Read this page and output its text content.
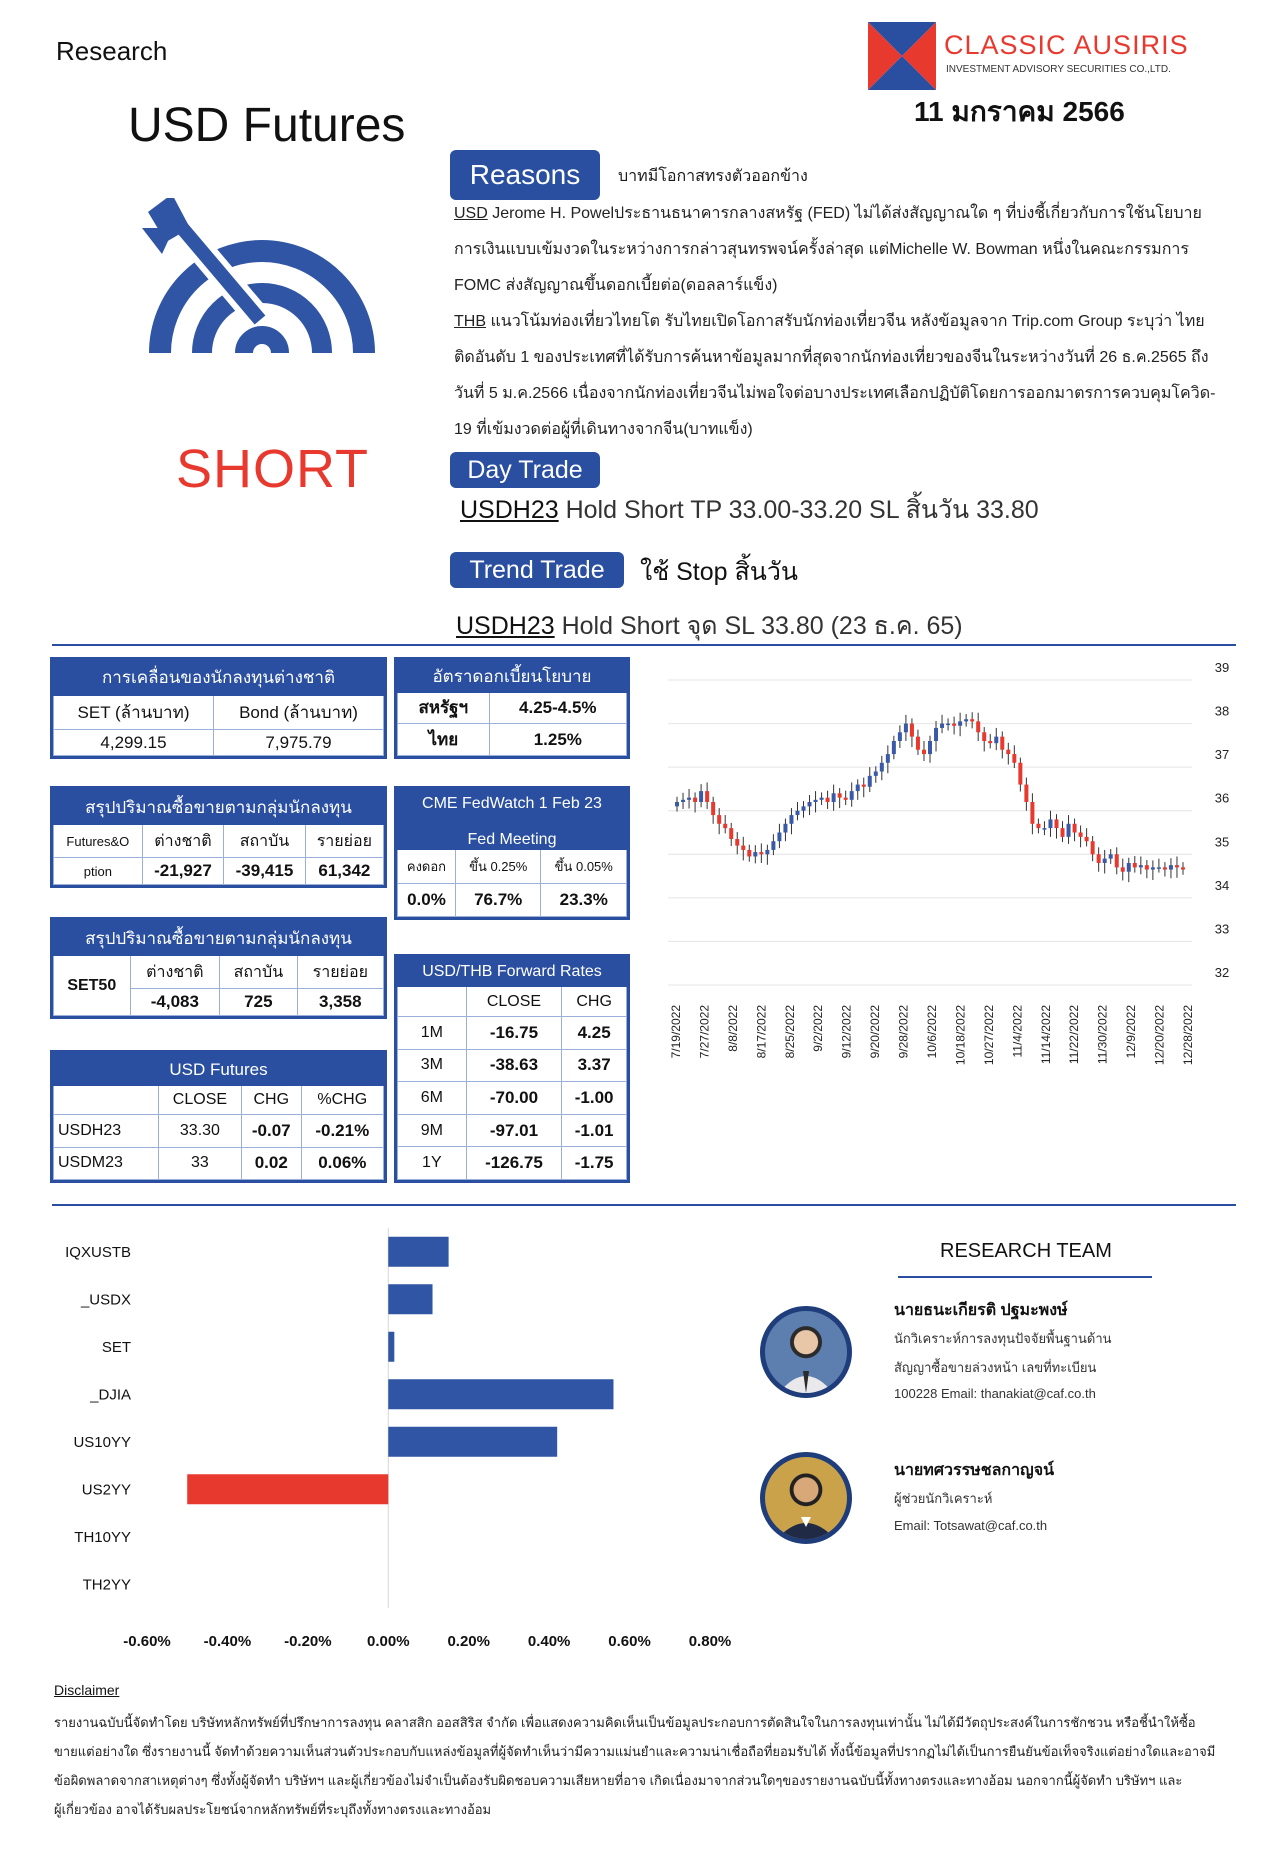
Research
USD Futures
CLASSIC AUSIRIS
INVESTMENT ADVISORY SECURITIES CO.,LTD.
11 มกราคม 2566
SHORT
Reasons	บาทมีโอกาสทรงตัวออกข้าง
USD Jerome H. Powelประธานธนาคารกลางสหรัฐ (FED) ไม่ได้ส่งสัญญาณใด ๆ ที่บ่งชี้เกี่ยวกับการใช้นโยบาย
การเงินแบบเข้มงวดในระหว่างการกล่าวสุนทรพจน์ครั้งล่าสุด แต่Michelle W. Bowman หนึ่งในคณะกรรมการ
FOMC ส่งสัญญาณขึ้นดอกเบี้ยต่อ(ดอลลาร์แข็ง)
THB แนวโน้มท่องเที่ยวไทยโต รับไทยเปิดโอกาสรับนักท่องเที่ยวจีน หลังข้อมูลจาก Trip.com Group ระบุว่า ไทย
ติดอันดับ 1 ของประเทศที่ได้รับการค้นหาข้อมูลมากที่สุดจากนักท่องเที่ยวของจีนในระหว่างวันที่ 26 ธ.ค.2565 ถึง
วันที่ 5 ม.ค.2566 เนื่องจากนักท่องเที่ยวจีนไม่พอใจต่อบางประเทศเลือกปฏิบัติโดยการออกมาตรการควบคุมโควิด-
19 ที่เข้มงวดต่อผู้ที่เดินทางจากจีน(บาทแข็ง)
Day Trade
USDH23 Hold Short TP 33.00-33.20 SL สิ้นวัน 33.80
Trend Trade	ใช้ Stop สิ้นวัน
USDH23 Hold Short จุด SL 33.80 (23 ธ.ค. 65)
การเคลื่อนของนักลงทุนต่างชาติ	
SET (ล้านบาท)	Bond (ล้านบาท)
4,299.15	7,975.79
สรุปปริมาณซื้อขายตามกลุ่มนักลงทุน			
Futures&O	ต่างชาติ	สถาบัน	รายย่อย
ption	-21,927	-39,415	61,342
สรุปปริมาณซื้อขายตามกลุ่มนักลงทุน			
SET50	ต่างชาติ	สถาบัน	รายย่อย
	-4,083	725	3,358
USD Futures			
	CLOSE	CHG	%CHG
USDH23	33.30	-0.07	-0.21%
USDM23	33	0.02	0.06%
อัตราดอกเบี้ยนโยบาย	
สหรัฐฯ	4.25-4.5%
ไทย	1.25%
CME FedWatch 1 Feb 23		
Fed Meeting		
คงดอก	ขึ้น 0.25%	ขึ้น 0.05%
0.0%	76.7%	23.3%
USD/THB Forward Rates		
	CLOSE	CHG
1M	-16.75	4.25
3M	-38.63	3.37
6M	-70.00	-1.00
9M	-97.01	-1.01
1Y	-126.75	-1.75
39
38
37
36
35
34
33
32
7/19/2022 7/27/2022 8/8/2022 8/17/2022 8/25/2022 9/2/2022 9/12/2022 9/20/2022 9/28/2022 10/6/2022 10/18/2022 10/27/2022 11/4/2022 11/14/2022 11/22/2022 11/30/2022 12/9/2022 12/20/2022 12/28/2022
IQXUSTB
_USDX
SET
_DJIA
US10YY
US2YY
TH10YY
TH2YY
-0.60% -0.40% -0.20% 0.00%	0.20%	0.40%	0.60%	0.80%
RESEARCH TEAM
นายธนะเกียรติ ปฐมะพงษ์
นักวิเคราะห์การลงทุนปัจจัยพื้นฐานด้าน
สัญญาซื้อขายล่วงหน้า เลขที่ทะเบียน
100228 Email: thanakiat@caf.co.th
นายทศวรรษชลกาญจน์
ผู้ช่วยนักวิเคราะห์
Email: Totsawat@caf.co.th
Disclaimer
รายงานฉบับนี้จัดทำโดย บริษัทหลักทรัพย์ที่ปรึกษาการลงทุน คลาสสิก ออสสิริส จำกัด เพื่อแสดงความคิดเห็นเป็นข้อมูลประกอบการตัดสินใจในการลงทุนเท่านั้น ไม่ได้มีวัตถุประสงค์ในการชักชวน หรือชี้นำให้ซื้อ
ขายแต่อย่างใด ซึ่งรายงานนี้ จัดทำด้วยความเห็นส่วนตัวประกอบกับแหล่งข้อมูลที่ผู้จัดทำเห็นว่ามีความแม่นยำและความน่าเชื่อถือที่ยอมรับได้ ทั้งนี้ข้อมูลที่ปรากฏไม่ได้เป็นการยืนยันข้อเท็จจริงแต่อย่างใดและอาจมี
ข้อผิดพลาดจากสาเหตุต่างๆ ซึ่งทั้งผู้จัดทำ บริษัทฯ และผู้เกี่ยวข้องไม่จำเป็นต้องรับผิดชอบความเสียหายที่อาจ เกิดเนื่องมาจากส่วนใดๆของรายงานฉบับนี้ทั้งทางตรงและทางอ้อม นอกจากนี้ผู้จัดทำ บริษัทฯ และ
ผู้เกี่ยวข้อง อาจได้รับผลประโยชน์จากหลักทรัพย์ที่ระบุถึงทั้งทางตรงและทางอ้อม
